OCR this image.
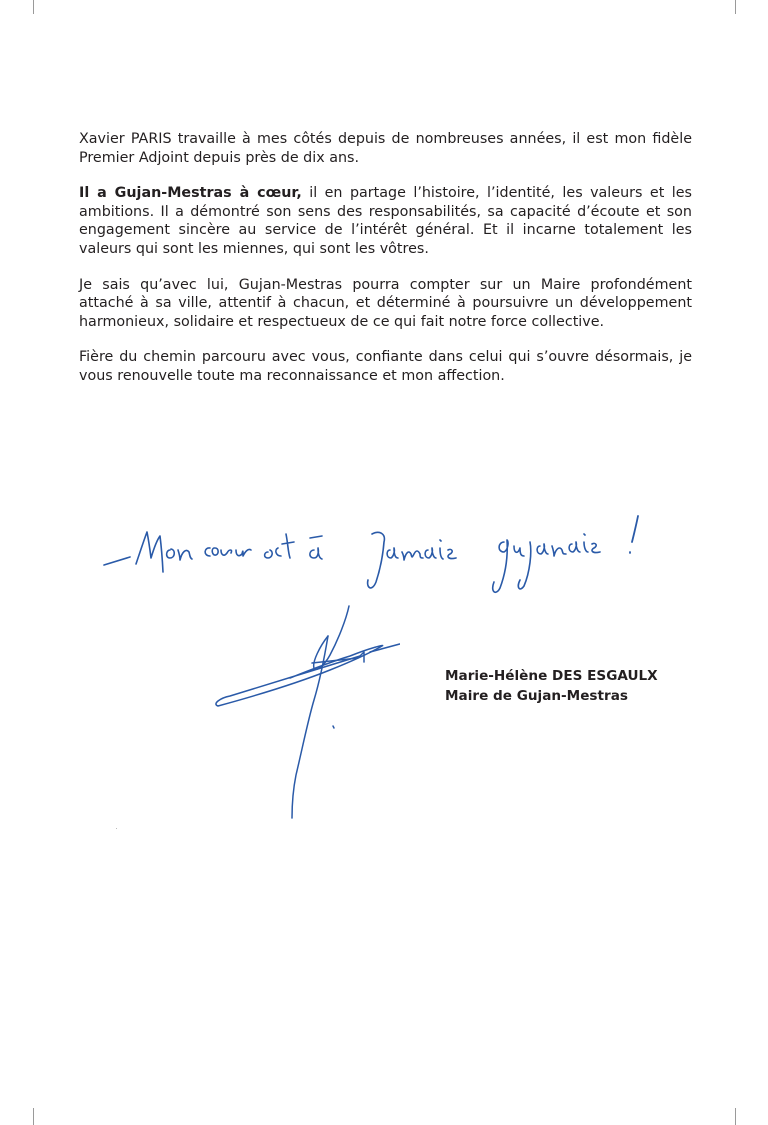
Xavier PARIS travaille à mes côtés depuis de nombreuses années, il est mon fidèle Premier Adjoint depuis près de dix ans.

Il a Gujan-Mestras à cœur, il en partage l’histoire, l’identité, les valeurs et les ambitions. Il a démontré son sens des responsabilités, sa capacité d’écoute et son engagement sincère au service de l’intérêt général. Et il incarne totalement les valeurs qui sont les miennes, qui sont les vôtres.

Je sais qu’avec lui, Gujan-Mestras pourra compter sur un Maire profondément attaché à sa ville, attentif à chacun, et déterminé à poursuivre un développement harmonieux, solidaire et respectueux de ce qui fait notre force collective.

Fière du chemin parcouru avec vous, confiante dans celui qui s’ouvre désormais, je vous renouvelle toute ma reconnaissance et mon affection.

Marie-Hélène DES ESGAULX
Maire de Gujan-Mestras
